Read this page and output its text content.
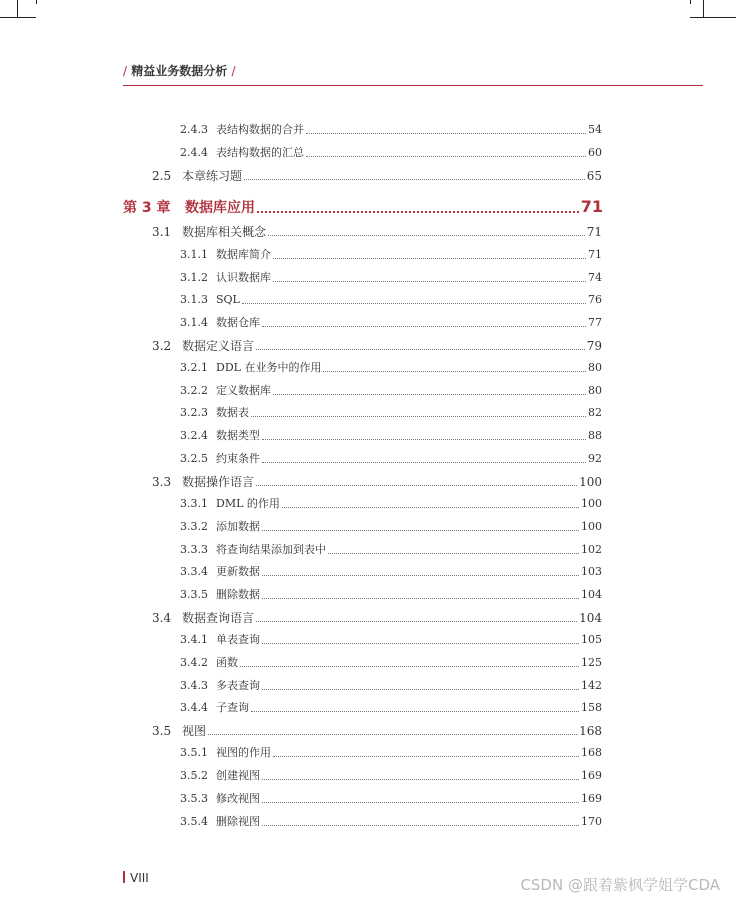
/ 精益业务数据分析 /
2.4.3 表结构数据的合并	54
2.4.4 表结构数据的汇总	60
2.5 本章练习题	65
第 3 章	数据库应用	71
3.1 数据库相关概念	71
3.1.1 数据库简介	71
3.1.2 认识数据库	74
3.1.3 SQL	76
3.1.4 数据仓库	77
3.2 数据定义语言	79
3.2.1 DDL 在业务中的作用	80
3.2.2 定义数据库	80
3.2.3 数据表	82
3.2.4 数据类型	88
3.2.5 约束条件	92
3.3 数据操作语言	100
3.3.1 DML 的作用	100
3.3.2 添加数据	100
3.3.3 将查询结果添加到表中	102
3.3.4 更新数据	103
3.3.5 删除数据	104
3.4 数据查询语言	104
3.4.1 单表查询	105
3.4.2 函数	125
3.4.3 多表查询	142
3.4.4 子查询	158
3.5 视图	168
3.5.1 视图的作用	168
3.5.2 创建视图	169
3.5.3 修改视图	169
3.5.4 删除视图	170
VIII	CSDN @跟着紫枫学姐学CDA
